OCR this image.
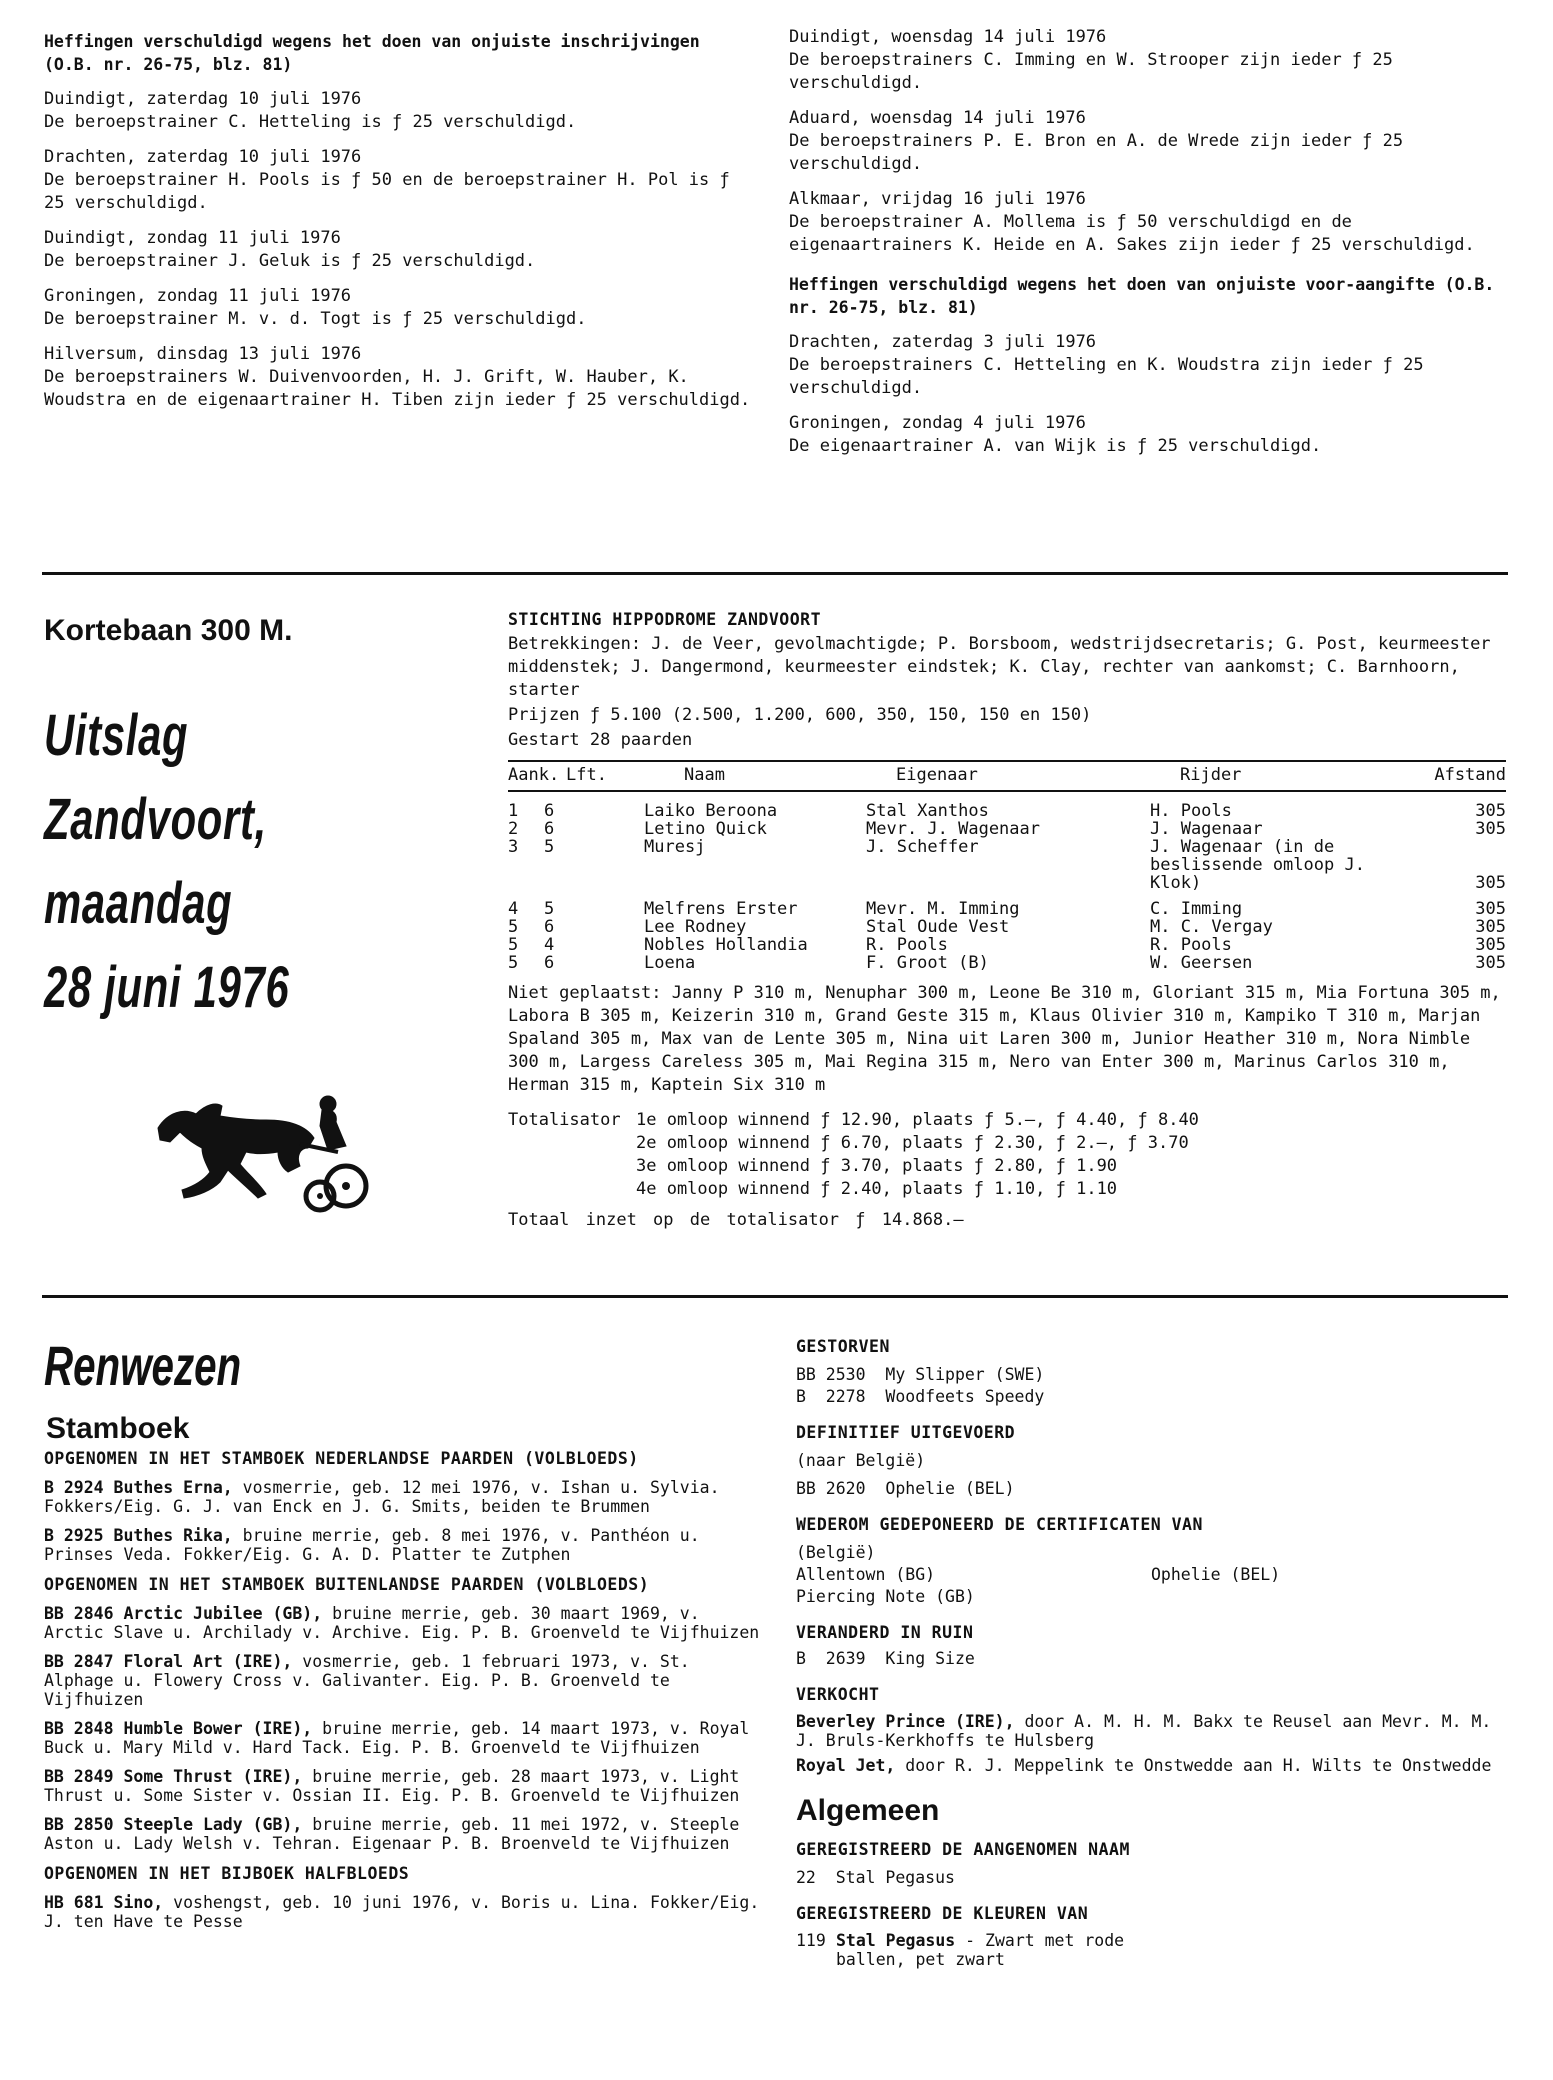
Heffingen verschuldigd wegens het doen van onjuiste inschrijvingen (O.B. nr. 26-75, blz. 81)

Duindigt, zaterdag 10 juli 1976
De beroepstrainer C. Hetteling is ƒ 25 verschuldigd.

Drachten, zaterdag 10 juli 1976
De beroepstrainer H. Pools is ƒ 50 en de beroepstrainer H. Pol is ƒ 25 verschuldigd.

Duindigt, zondag 11 juli 1976
De beroepstrainer J. Geluk is ƒ 25 verschuldigd.

Groningen, zondag 11 juli 1976
De beroepstrainer M. v. d. Togt is ƒ 25 verschuldigd.

Hilversum, dinsdag 13 juli 1976
De beroepstrainers W. Duivenvoorden, H. J. Grift, W. Hauber, K. Woudstra en de eigenaartrainer H. Tiben zijn ieder ƒ 25 verschuldigd.

Duindigt, woensdag 14 juli 1976
De beroepstrainers C. Imming en W. Strooper zijn ieder ƒ 25 verschuldigd.

Aduard, woensdag 14 juli 1976
De beroepstrainers P. E. Bron en A. de Wrede zijn ieder ƒ 25 verschuldigd.

Alkmaar, vrijdag 16 juli 1976
De beroepstrainer A. Mollema is ƒ 50 verschuldigd en de eigenaartrainers K. Heide en A. Sakes zijn ieder ƒ 25 verschuldigd.

Heffingen verschuldigd wegens het doen van onjuiste voor-aangifte (O.B. nr. 26-75, blz. 81)

Drachten, zaterdag 3 juli 1976
De beroepstrainers C. Hetteling en K. Woudstra zijn ieder ƒ 25 verschuldigd.

Groningen, zondag 4 juli 1976
De eigenaartrainer A. van Wijk is ƒ 25 verschuldigd.

Kortebaan 300 M.
Uitslag
Zandvoort,
maandag
28 juni 1976
STICHTING HIPPODROME ZANDVOORT
Betrekkingen: J. de Veer, gevolmachtigde; P. Borsboom, wedstrijdsecretaris; G. Post, keurmeester middenstek; J. Dangermond, keurmeester eindstek; K. Clay, rechter van aankomst; C. Barnhoorn, starter
Prijzen ƒ 5.100 (2.500, 1.200, 600, 350, 150, 150 en 150)
Gestart 28 paarden
Aank.	Lft.	Naam	Eigenaar	Rijder	Afstand

1	6	Laiko Beroona	Stal Xanthos	H. Pools	305
2	6	Letino Quick	Mevr. J. Wagenaar	J. Wagenaar	305
3	5	Muresj	J. Scheffer	J. Wagenaar (in de beslissende omloop J. Klok)	305
4	5	Melfrens Erster	Mevr. M. Imming	C. Imming	305
5	6	Lee Rodney	Stal Oude Vest	M. C. Vergay	305
5	4	Nobles Hollandia	R. Pools	R. Pools	305
5	6	Loena	F. Groot (B)	W. Geersen	305
Niet geplaatst: Janny P 310 m, Nenuphar 300 m, Leone Be 310 m, Gloriant 315 m, Mia Fortuna 305 m, Labora B 305 m, Keizerin 310 m, Grand Geste 315 m, Klaus Olivier 310 m, Kampiko T 310 m, Marjan Spaland 305 m, Max van de Lente 305 m, Nina uit Laren 300 m, Junior Heather 310 m, Nora Nimble 300 m, Largess Careless 305 m, Mai Regina 315 m, Nero van Enter 300 m, Marinus Carlos 310 m, Herman 315 m, Kaptein Six 310 m
Totalisator 1e omloop winnend ƒ 12.90, plaats ƒ 5.—, ƒ 4.40, ƒ 8.40
2e omloop winnend ƒ 6.70, plaats ƒ 2.30, ƒ 2.—, ƒ 3.70
3e omloop winnend ƒ 3.70, plaats ƒ 2.80, ƒ 1.90
4e omloop winnend ƒ 2.40, plaats ƒ 1.10, ƒ 1.10
Totaal inzet op de totalisator ƒ 14.868.—
Renwezen
Stamboek
OPGENOMEN IN HET STAMBOEK NEDERLANDSE PAARDEN (VOLBLOEDS)

B 2924 Buthes Erna, vosmerrie, geb. 12 mei 1976, v. Ishan u. Sylvia. Fokkers/Eig. G. J. van Enck en J. G. Smits, beiden te Brummen

B 2925 Buthes Rika, bruine merrie, geb. 8 mei 1976, v. Panthéon u. Prinses Veda. Fokker/Eig. G. A. D. Platter te Zutphen

OPGENOMEN IN HET STAMBOEK BUITENLANDSE PAARDEN (VOLBLOEDS)

BB 2846 Arctic Jubilee (GB), bruine merrie, geb. 30 maart 1969, v. Arctic Slave u. Archilady v. Archive. Eig. P. B. Groenveld te Vijfhuizen

BB 2847 Floral Art (IRE), vosmerrie, geb. 1 februari 1973, v. St. Alphage u. Flowery Cross v. Galivanter. Eig. P. B. Groenveld te Vijfhuizen

BB 2848 Humble Bower (IRE), bruine merrie, geb. 14 maart 1973, v. Royal Buck u. Mary Mild v. Hard Tack. Eig. P. B. Groenveld te Vijfhuizen

BB 2849 Some Thrust (IRE), bruine merrie, geb. 28 maart 1973, v. Light Thrust u. Some Sister v. Ossian II. Eig. P. B. Groenveld te Vijfhuizen

BB 2850 Steeple Lady (GB), bruine merrie, geb. 11 mei 1972, v. Steeple Aston u. Lady Welsh v. Tehran. Eigenaar P. B. Broenveld te Vijfhuizen

OPGENOMEN IN HET BIJBOEK HALFBLOEDS

HB 681 Sino, voshengst, geb. 10 juni 1976, v. Boris u. Lina. Fokker/Eig. J. ten Have te Pesse

GESTORVEN
BB 2530  My Slipper (SWE)
B  2278  Woodfeets Speedy
DEFINITIEF UITGEVOERD
(naar België)
BB 2620  Ophelie (BEL)
WEDEROM GEDEPONEERD DE CERTIFICATEN VAN
(België)
Allentown (BG)
Piercing Note (GB)
Ophelie (BEL)
VERANDERD IN RUIN
B  2639  King Size
VERKOCHT

Beverley Prince (IRE), door A. M. H. M. Bakx te Reusel aan Mevr. M. M. J. Bruls-Kerkhoffs te Hulsberg

Royal Jet, door R. J. Meppelink te Onstwedde aan H. Wilts te Onstwedde

Algemeen
GEREGISTREERD DE AANGENOMEN NAAM
22  Stal Pegasus
GEREGISTREERD DE KLEUREN VAN
119 Stal Pegasus - Zwart met rode ballen, pet zwart
